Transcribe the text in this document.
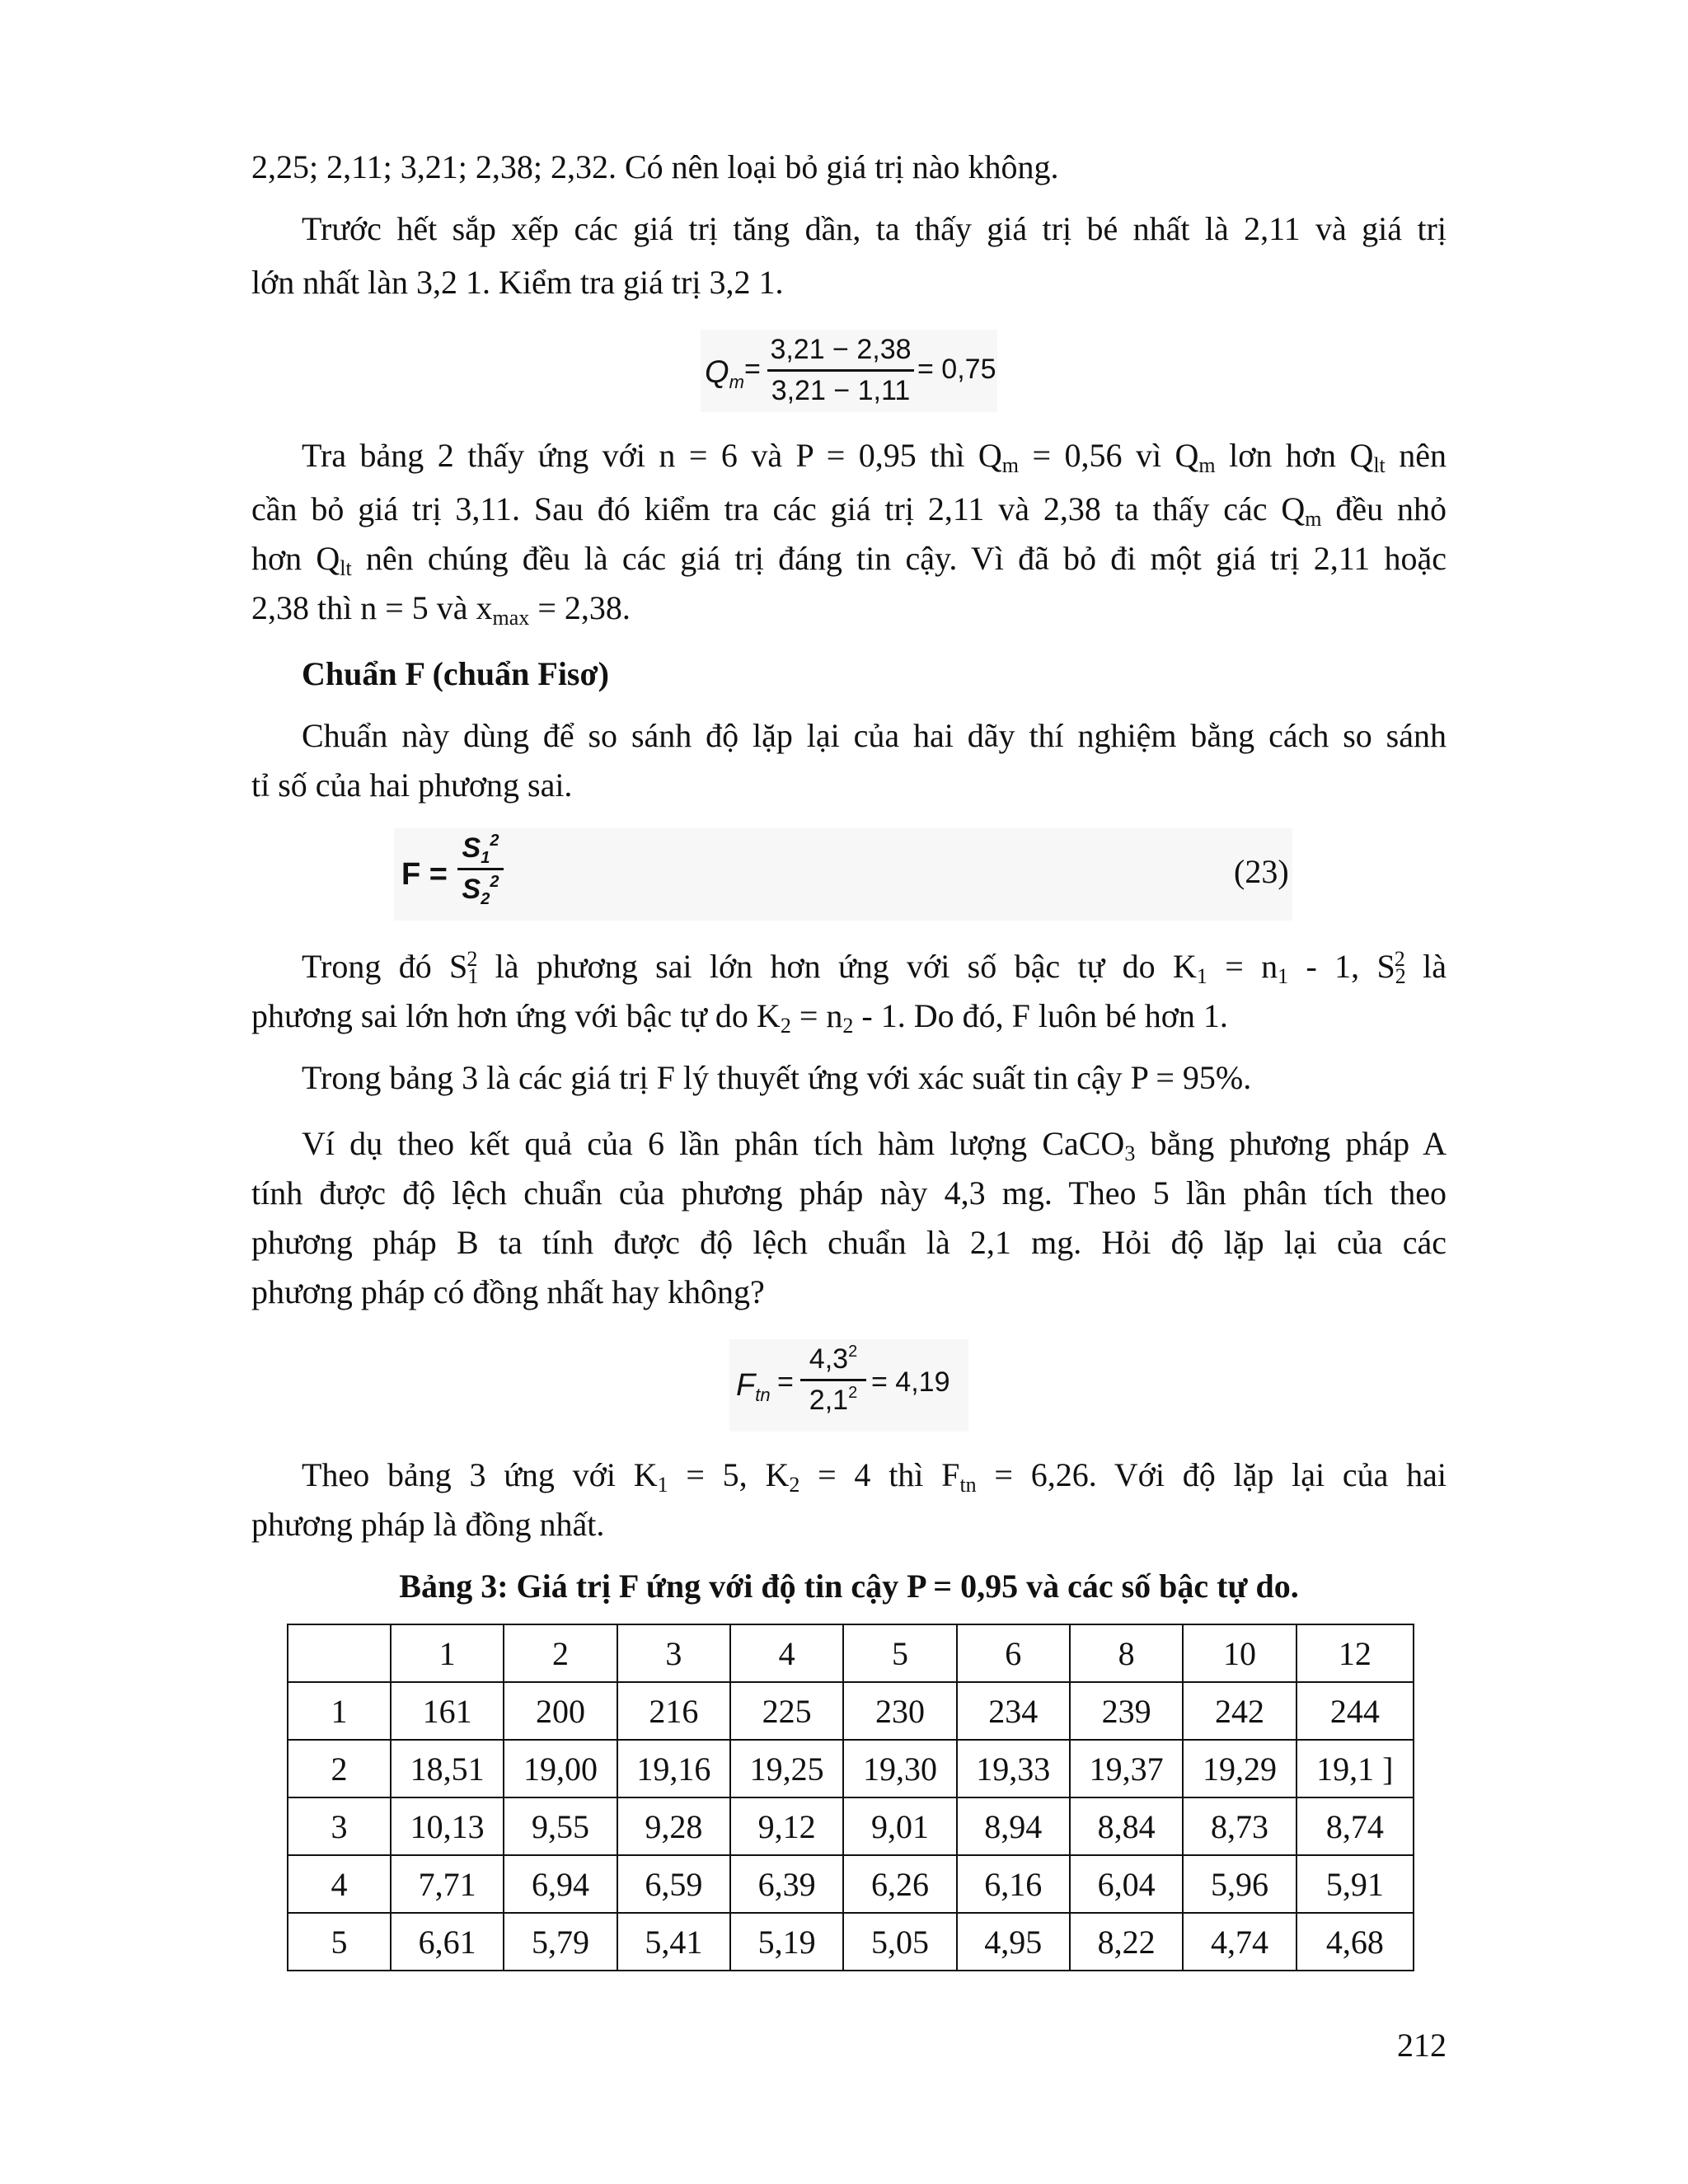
2,25; 2,11; 3,21; 2,38; 2,32. Có nên loại bỏ giá trị nào không.
Trước hết sắp xếp các giá trị tăng dần, ta thấy giá trị bé nhất là 2,11 và giá trị
lớn nhất làn 3,2 1. Kiểm tra giá trị 3,2 1.
$Q_m$ =
3,21 − 2,38
3,21 − 1,11
= 0,75
Tra bảng 2 thấy ứng với n = 6 và P = 0,95 thì $Q_m = 0,56$ vì $Q_m$ lơn hơn $Q_{lt}$ nên
cần bỏ giá trị 3,11. Sau đó kiểm tra các giá trị 2,11 và 2,38 ta thấy các $Q_m$ đều nhỏ
hơn $Q_{lt}$ nên chúng đều là các giá trị đáng tin cậy. Vì đã bỏ đi một giá trị 2,11 hoặc
2,38 thì n = 5 và $x_{max} = 2,38$.
Chuẩn F (chuẩn Fisơ)
Chuẩn này dùng để so sánh độ lặp lại của hai dãy thí nghiệm bằng cách so sánh
tỉ số của hai phương sai.
F =
$S_1^2$
$S_2^2$	(23)
Trong đó $S_1^2$ là phương sai lớn hơn ứng với số bậc tự do $K_1 = n_1 - 1$, $S_2^2$ là
phương sai lớn hơn ứng với bậc tự do $K_2 = n_2 - 1$. Do đó, F luôn bé hơn 1.
Trong bảng 3 là các giá trị F lý thuyết ứng với xác suất tin cậy P = 95%.
Ví dụ theo kết quả của 6 lần phân tích hàm lượng CaCO$_3$ bằng phương pháp A
tính được độ lệch chuẩn của phương pháp này 4,3 mg. Theo 5 lần phân tích theo
phương pháp B ta tính được độ lệch chuẩn là 2,1 mg. Hỏi độ lặp lại của các
phương pháp có đồng nhất hay không?
$F_{tn}$ =
$4,3^2$
$2,1^2 = 4,19$
Theo bảng 3 ứng với $K_1 = 5$, $K_2 = 4$ thì $F_{tn} = 6,26$. Với độ lặp lại của hai
phương pháp là đồng nhất.
Bảng 3: Giá trị F ứng với độ tin cậy P = 0,95 và các số bậc tự do.
	1	2	3	4	5	6	8	10	12
1	161	200	216	225	230	234	239	242	244
2	18,51	19,00	19,16	19,25	19,30	19,33	19,37	19,29	19,1 ]
3	10,13	9,55	9,28	9,12	9,01	8,94	8,84	8,73	8,74
4	7,71	6,94	6,59	6,39	6,26	6,16	6,04	5,96	5,91
5	6,61	5,79	5,41	5,19	5,05	4,95	8,22	4,74	4,68
212
